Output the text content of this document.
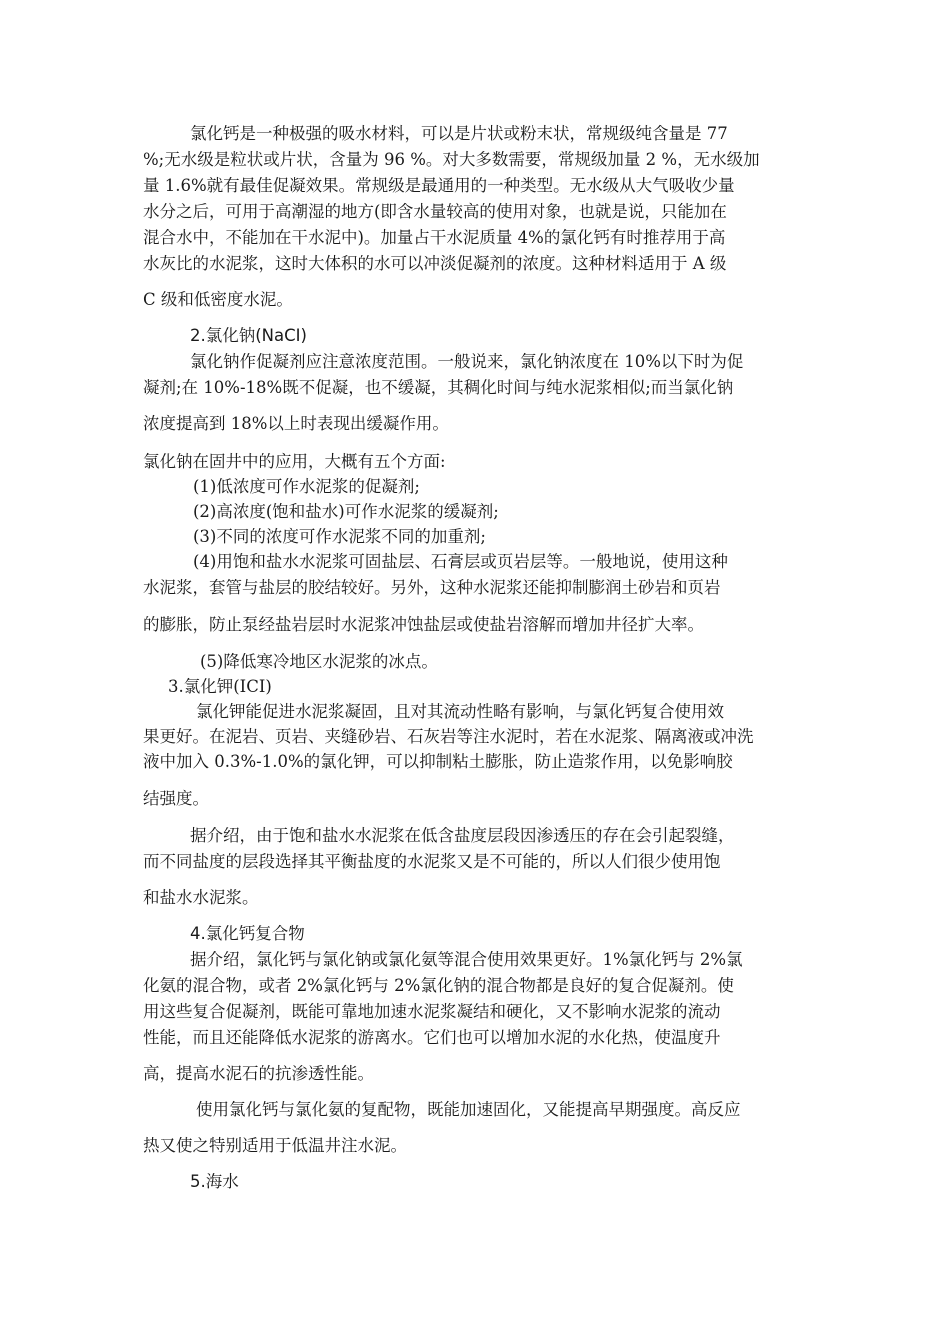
氯化钙是一种极强的吸水材料，可以是片状或粉末状，常规级纯含量是 77
%;无水级是粒状或片状，含量为 96 %。对大多数需要，常规级加量 2 %，无水级加
量 1.6%就有最佳促凝效果。常规级是最通用的一种类型。无水级从大气吸收少量
水分之后，可用于高潮湿的地方(即含水量较高的使用对象，也就是说，只能加在
混合水中，不能加在干水泥中)。加量占干水泥质量 4%的氯化钙有时推荐用于高
水灰比的水泥浆，这时大体积的水可以冲淡促凝剂的浓度。这种材料适用于 A 级
C 级和低密度水泥。
2.氯化钠(NaCI)
氯化钠作促凝剂应注意浓度范围。一般说来，氯化钠浓度在 10%以下时为促
凝剂;在 10%-18%既不促凝，也不缓凝，其稠化时间与纯水泥浆相似;而当氯化钠
浓度提高到 18%以上时表现出缓凝作用。
氯化钠在固井中的应用，大概有五个方面:
(1)低浓度可作水泥浆的促凝剂;
(2)高浓度(饱和盐水)可作水泥浆的缓凝剂;
(3)不同的浓度可作水泥浆不同的加重剂;
(4)用饱和盐水水泥浆可固盐层、石膏层或页岩层等。一般地说，使用这种
水泥浆，套管与盐层的胶结较好。另外，这种水泥浆还能抑制膨润土砂岩和页岩
的膨胀，防止泵经盐岩层时水泥浆冲蚀盐层或使盐岩溶解而增加井径扩大率。
(5)降低寒冷地区水泥浆的冰点。
3.氯化钾(ICI)
氯化钾能促进水泥浆凝固，且对其流动性略有影响，与氯化钙复合使用效
果更好。在泥岩、页岩、夹缝砂岩、石灰岩等注水泥时，若在水泥浆、隔离液或冲洗
液中加入 0.3%-1.0%的氯化钾，可以抑制粘土膨胀，防止造浆作用，以免影响胶
结强度。
据介绍，由于饱和盐水水泥浆在低含盐度层段因渗透压的存在会引起裂缝，
而不同盐度的层段选择其平衡盐度的水泥浆又是不可能的，所以人们很少使用饱
和盐水水泥浆。
4.氯化钙复合物
据介绍，氯化钙与氯化钠或氯化氨等混合使用效果更好。1%氯化钙与 2%氯
化氨的混合物，或者 2%氯化钙与 2%氯化钠的混合物都是良好的复合促凝剂。使
用这些复合促凝剂，既能可靠地加速水泥浆凝结和硬化，又不影响水泥浆的流动
性能，而且还能降低水泥浆的游离水。它们也可以增加水泥的水化热，使温度升
高，提高水泥石的抗渗透性能。
使用氯化钙与氯化氨的复配物，既能加速固化，又能提高早期强度。高反应
热又使之特别适用于低温井注水泥。
5.海水
